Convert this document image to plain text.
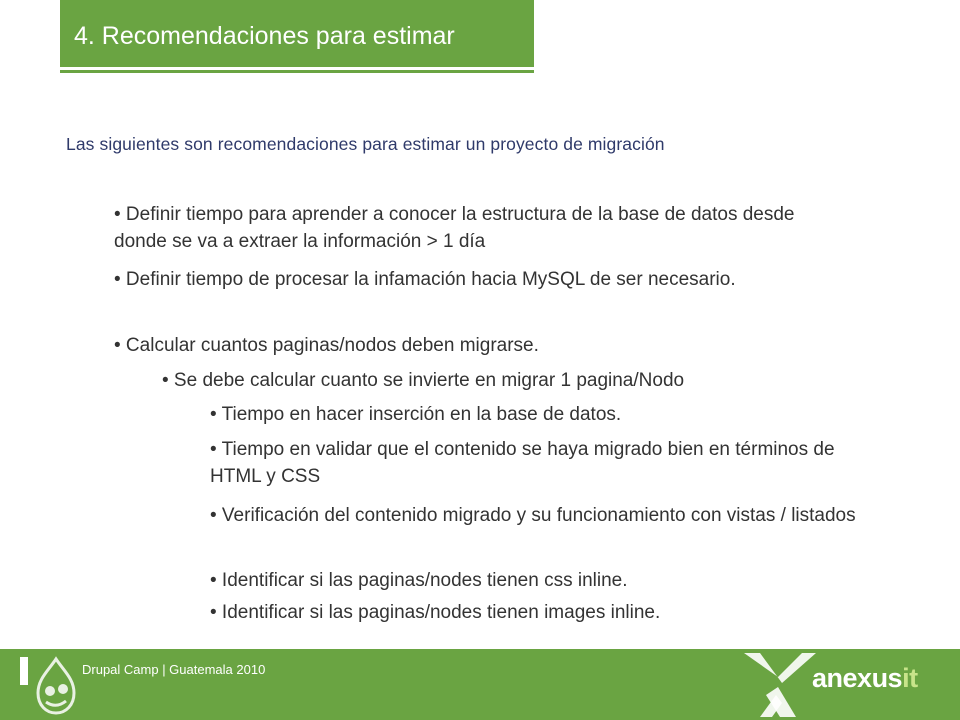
4. Recomendaciones para estimar
Las siguientes son recomendaciones para estimar un proyecto de migración
• Definir tiempo para aprender a conocer la estructura de la base de datos desde donde se va a extraer la información > 1 día
• Definir tiempo de procesar la infamación hacia MySQL de ser necesario.
• Calcular cuantos paginas/nodos deben migrarse.
• Se debe calcular cuanto se invierte en migrar 1 pagina/Nodo
• Tiempo en hacer inserción en la base de datos.
• Tiempo en validar que el contenido se haya migrado bien en términos de HTML y CSS
• Verificación del contenido migrado y su funcionamiento con vistas / listados
• Identificar si las paginas/nodes tienen css inline.
• Identificar si las paginas/nodes tienen images inline.
Drupal Camp | Guatemala 2010	anexusit
